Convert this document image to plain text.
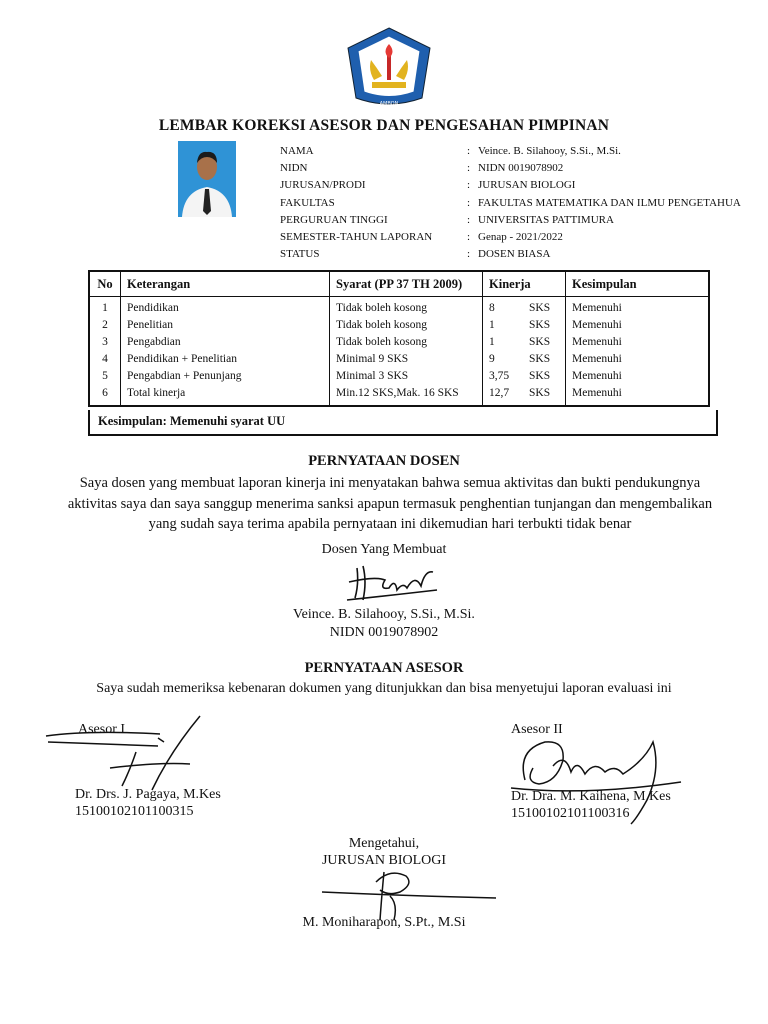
AMBON
LEMBAR KOREKSI ASESOR DAN PENGESAHAN PIMPINAN
NAMA	: Veince. B. Silahooy, S.Si., M.Si.
NIDN	: NIDN 0019078902
JURUSAN/PRODI	: JURUSAN BIOLOGI
FAKULTAS	: FAKULTAS MATEMATIKA DAN ILMU PENGETAHUA
PERGURUAN TINGGI	: UNIVERSITAS PATTIMURA
SEMESTER-TAHUN LAPORAN	: Genap - 2021/2022
STATUS	: DOSEN BIASA
No	Keterangan	Syarat (PP 37 TH 2009)	Kinerja	Kesimpulan
1	Pendidikan	Tidak boleh kosong	8 SKS	Memenuhi
2	Penelitian	Tidak boleh kosong	1 SKS	Memenuhi
3	Pengabdian	Tidak boleh kosong	1 SKS	Memenuhi
4	Pendidikan + Penelitian	Minimal 9 SKS	9 SKS	Memenuhi
5	Pengabdian + Penunjang	Minimal 3 SKS	3,75 SKS	Memenuhi
6	Total kinerja	Min.12 SKS,Mak. 16 SKS	12,7 SKS	Memenuhi
Kesimpulan: Memenuhi syarat UU
PERNYATAAN DOSEN
Saya dosen yang membuat laporan kinerja ini menyatakan bahwa semua aktivitas dan bukti pendukungnya
aktivitas saya dan saya sanggup menerima sanksi apapun termasuk penghentian tunjangan dan mengembalikan
yang sudah saya terima apabila pernyataan ini dikemudian hari terbukti tidak benar
Dosen Yang Membuat
Veince. B. Silahooy, S.Si., M.Si.
NIDN 0019078902
PERNYATAAN ASESOR
Saya sudah memeriksa kebenaran dokumen yang ditunjukkan dan bisa menyetujui laporan evaluasi ini
Asesor I
Dr. Drs. J. Pagaya, M.Kes
15100102101100315
Asesor II
Dr. Dra. M. Kaihena, M.Kes
15100102101100316
Mengetahui,
JURUSAN BIOLOGI
M. Moniharapon, S.Pt., M.Si
